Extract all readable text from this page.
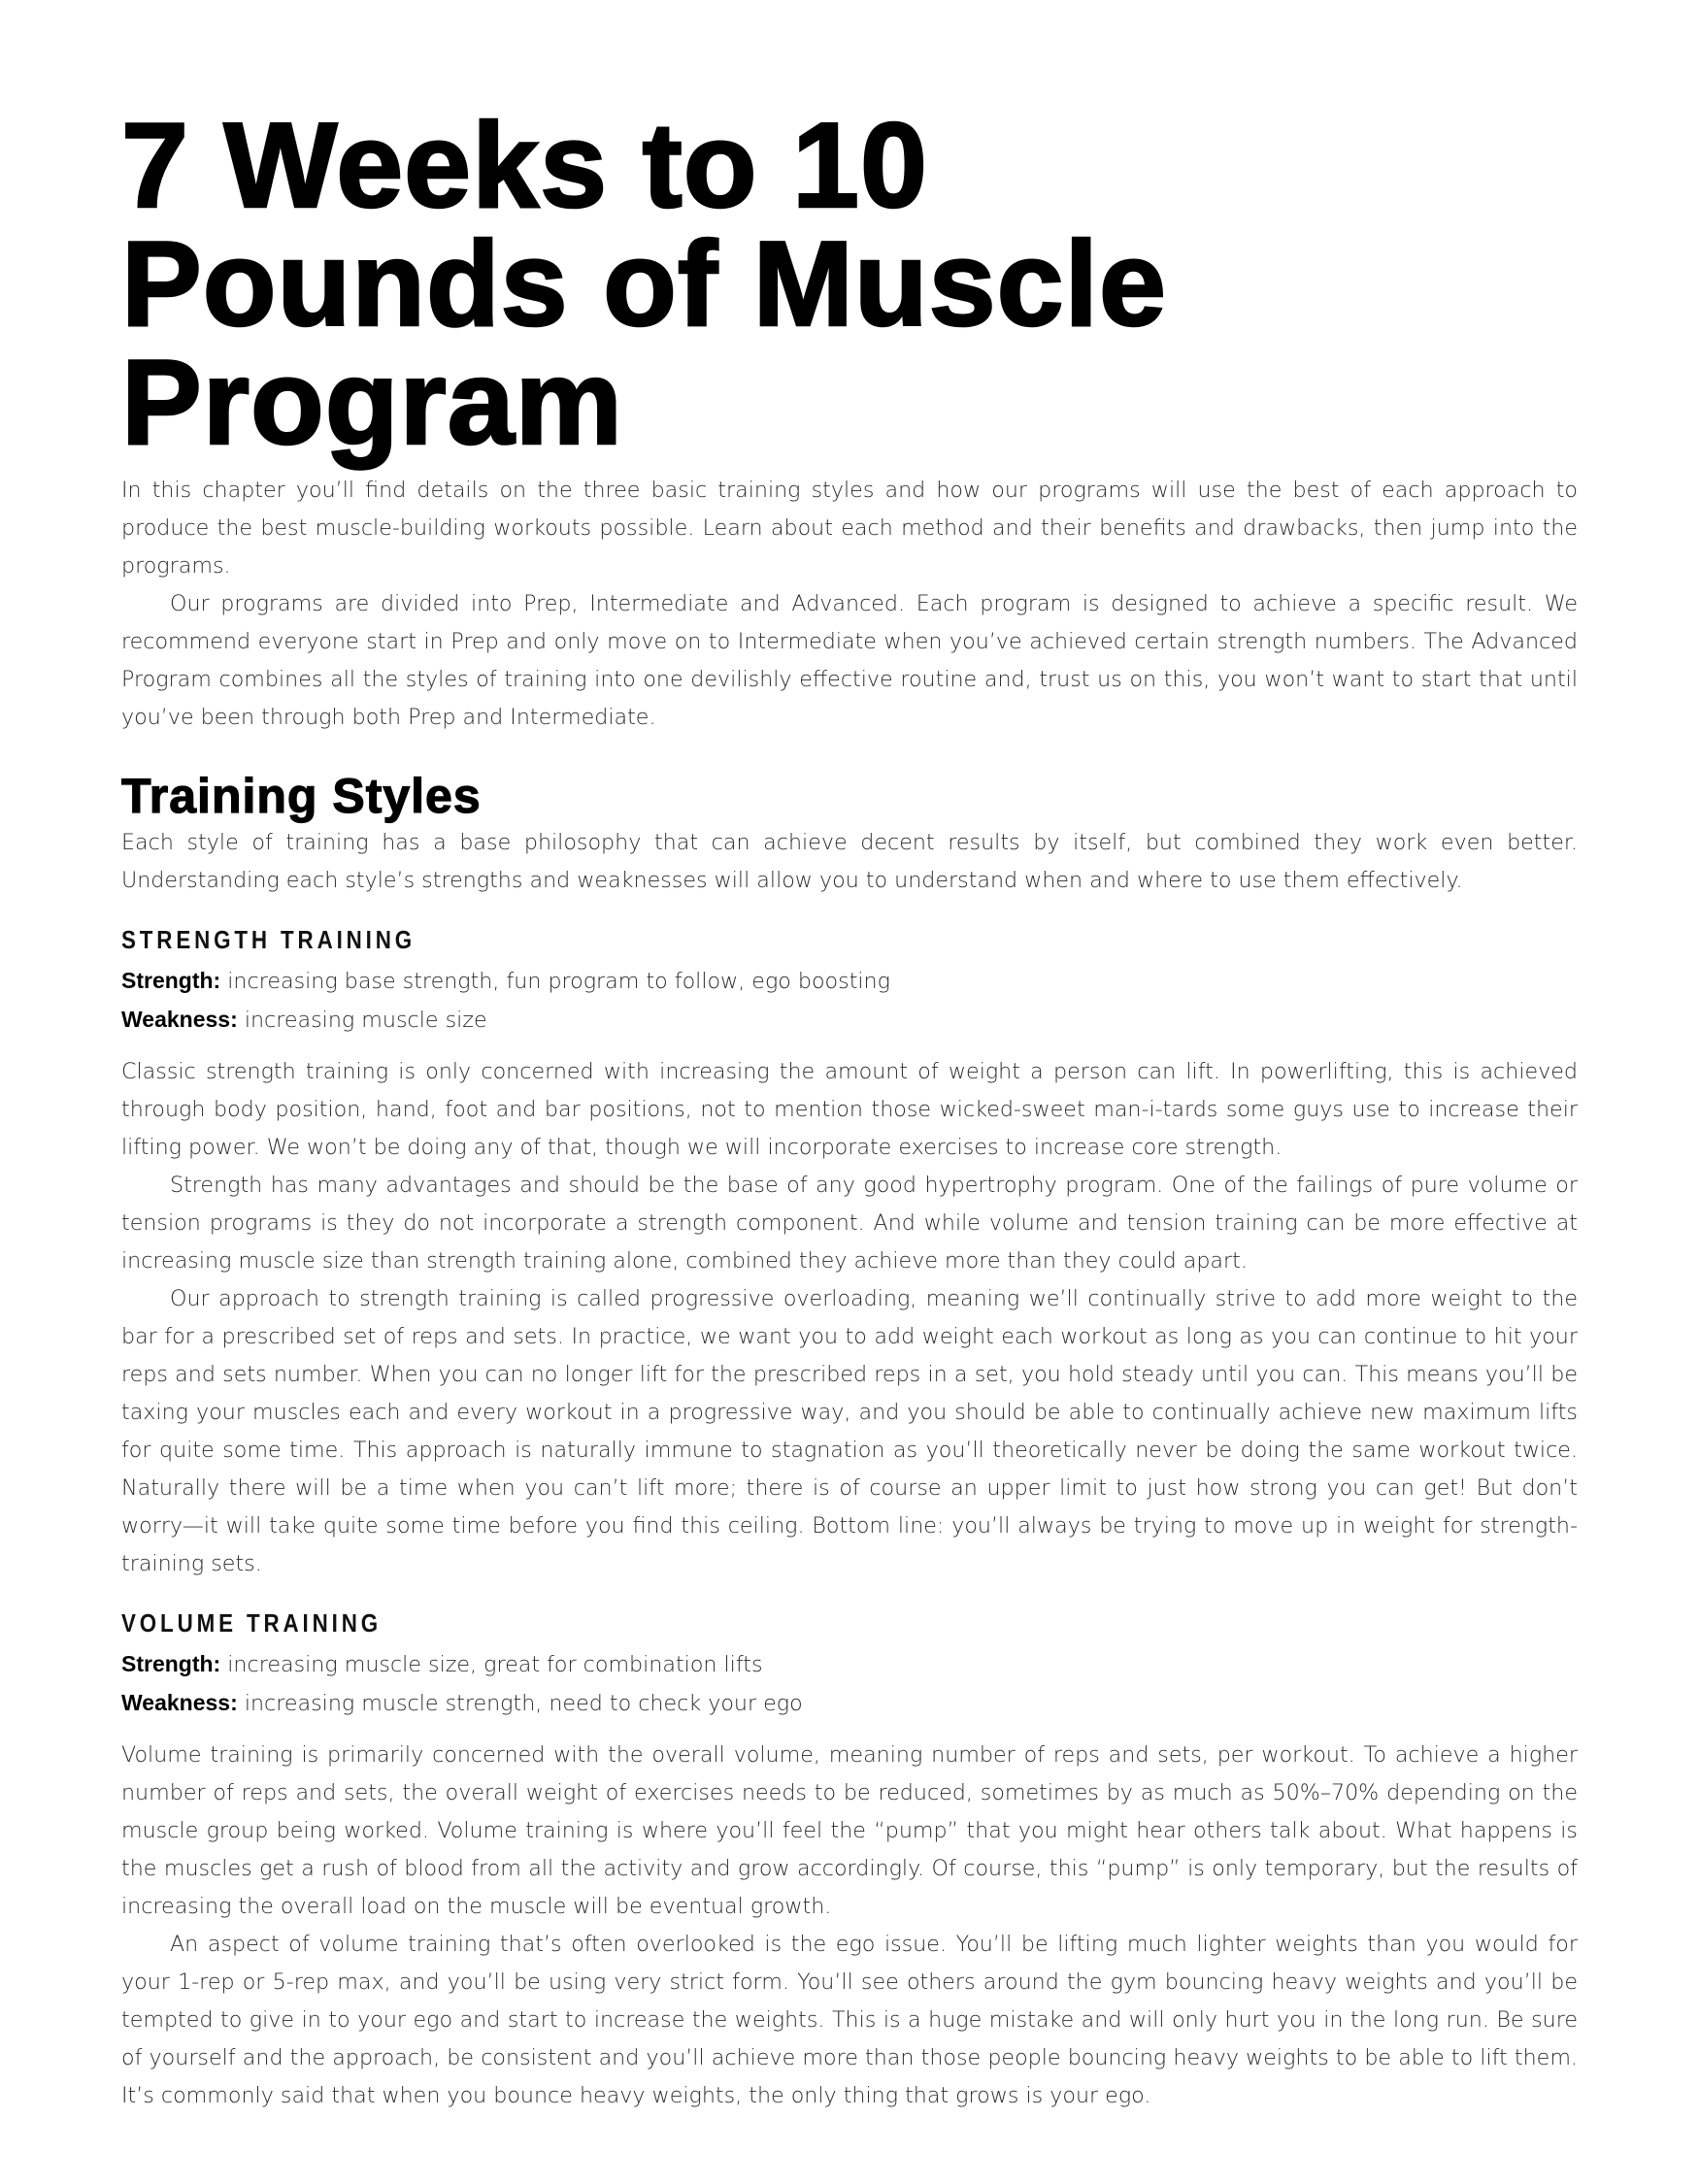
7 Weeks to 10
Pounds of Muscle
Program

In this chapter you’ll find details on the three basic training styles and how our programs will use the best of each approach to produce the best muscle-building workouts possible. Learn about each method and their benefits and drawbacks, then jump into the programs.

Our programs are divided into Prep, Intermediate and Advanced. Each program is designed to achieve a specific result. We recommend everyone start in Prep and only move on to Intermediate when you’ve achieved certain strength numbers. The Advanced Program combines all the styles of training into one devilishly effective routine and, trust us on this, you won’t want to start that until you’ve been through both Prep and Intermediate.

Training Styles

Each style of training has a base philosophy that can achieve decent results by itself, but combined they work even better. Understanding each style’s strengths and weaknesses will allow you to understand when and where to use them effectively.

STRENGTH TRAINING

Strength: increasing base strength, fun program to follow, ego boosting

Weakness: increasing muscle size

Classic strength training is only concerned with increasing the amount of weight a person can lift. In powerlifting, this is achieved through body position, hand, foot and bar positions, not to mention those wicked-sweet man-i-tards some guys use to increase their lifting power. We won’t be doing any of that, though we will incorporate exercises to increase core strength.

Strength has many advantages and should be the base of any good hypertrophy program. One of the failings of pure volume or tension programs is they do not incorporate a strength component. And while volume and tension training can be more effective at increasing muscle size than strength training alone, combined they achieve more than they could apart.

Our approach to strength training is called progressive overloading, meaning we’ll continually strive to add more weight to the bar for a prescribed set of reps and sets. In practice, we want you to add weight each workout as long as you can continue to hit your reps and sets number. When you can no longer lift for the prescribed reps in a set, you hold steady until you can. This means you’ll be taxing your muscles each and every workout in a progressive way, and you should be able to continually achieve new maximum lifts for quite some time. This approach is naturally immune to stagnation as you’ll theoretically never be doing the same workout twice. Naturally there will be a time when you can’t lift more; there is of course an upper limit to just how strong you can get! But don’t worry—it will take quite some time before you find this ceiling. Bottom line: you’ll always be trying to move up in weight for strength-training sets.

VOLUME TRAINING

Strength: increasing muscle size, great for combination lifts

Weakness: increasing muscle strength, need to check your ego

Volume training is primarily concerned with the overall volume, meaning number of reps and sets, per workout. To achieve a higher number of reps and sets, the overall weight of exercises needs to be reduced, sometimes by as much as 50%–70% depending on the muscle group being worked. Volume training is where you’ll feel the “pump” that you might hear others talk about. What happens is the muscles get a rush of blood from all the activity and grow accordingly. Of course, this “pump” is only temporary, but the results of increasing the overall load on the muscle will be eventual growth.

An aspect of volume training that’s often overlooked is the ego issue. You’ll be lifting much lighter weights than you would for your 1-rep or 5-rep max, and you’ll be using very strict form. You’ll see others around the gym bouncing heavy weights and you’ll be tempted to give in to your ego and start to increase the weights. This is a huge mistake and will only hurt you in the long run. Be sure of yourself and the approach, be consistent and you’ll achieve more than those people bouncing heavy weights to be able to lift them. It’s commonly said that when you bounce heavy weights, the only thing that grows is your ego.
